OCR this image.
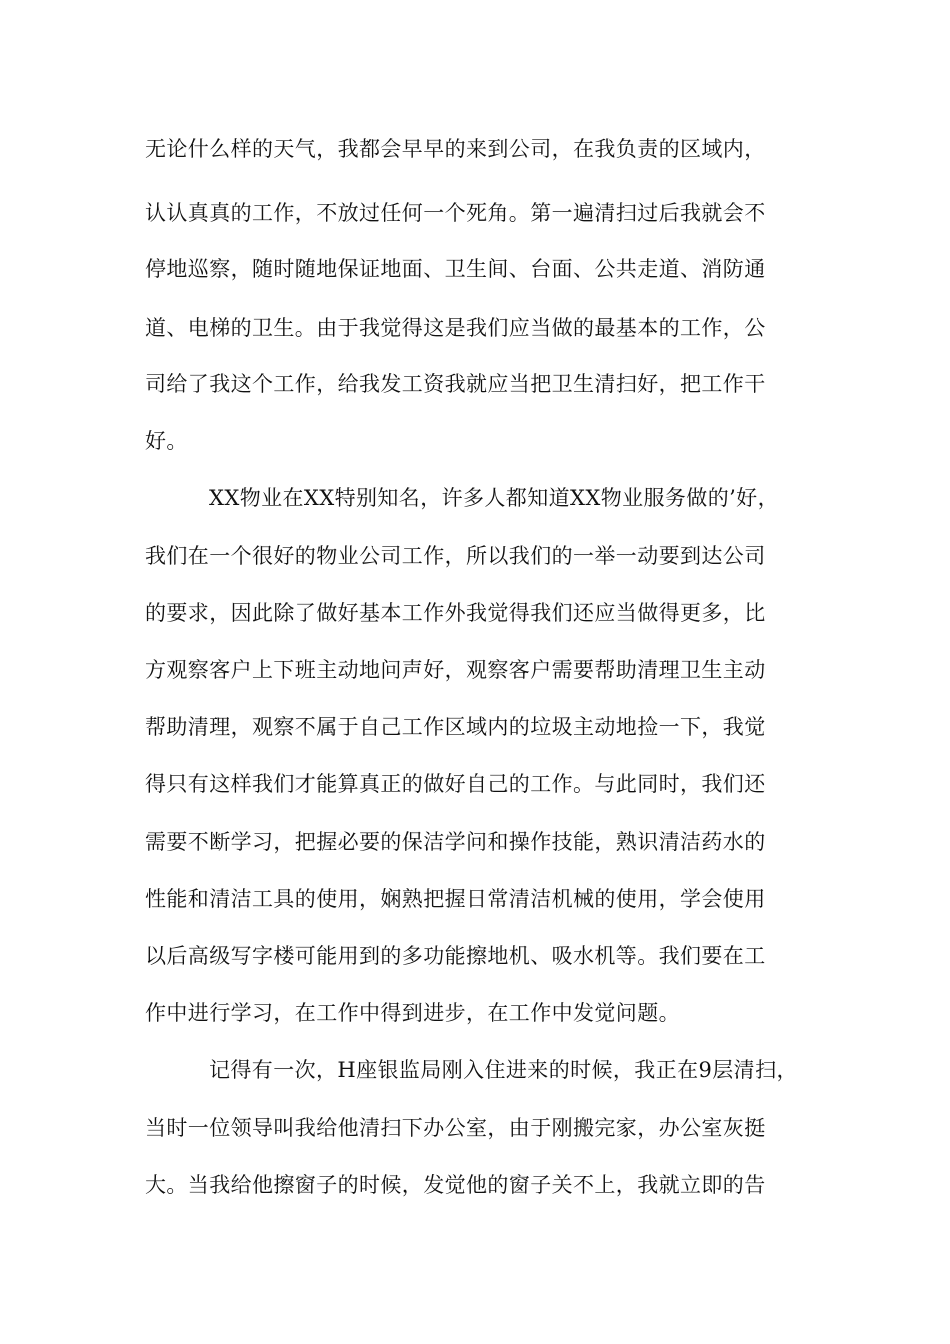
无论什么样的天气，我都会早早的来到公司，在我负责的区域内，
认认真真的工作，不放过任何一个死角。第一遍清扫过后我就会不
停地巡察，随时随地保证地面、卫生间、台面、公共走道、消防通
道、电梯的卫生。由于我觉得这是我们应当做的最基本的工作，公
司给了我这个工作，给我发工资我就应当把卫生清扫好，把工作干
好。
XX物业在XX特别知名，许多人都知道XX物业服务做的’好，
我们在一个很好的物业公司工作，所以我们的一举一动要到达公司
的要求，因此除了做好基本工作外我觉得我们还应当做得更多，比
方观察客户上下班主动地问声好，观察客户需要帮助清理卫生主动
帮助清理，观察不属于自己工作区域内的垃圾主动地捡一下，我觉
得只有这样我们才能算真正的做好自己的工作。与此同时，我们还
需要不断学习，把握必要的保洁学问和操作技能，熟识清洁药水的
性能和清洁工具的使用，娴熟把握日常清洁机械的使用，学会使用
以后高级写字楼可能用到的多功能擦地机、吸水机等。我们要在工
作中进行学习，在工作中得到进步，在工作中发觉问题。
记得有一次，H座银监局刚入住进来的时候，我正在9层清扫，
当时一位领导叫我给他清扫下办公室，由于刚搬完家，办公室灰挺
大。当我给他擦窗子的时候，发觉他的窗子关不上，我就立即的告
